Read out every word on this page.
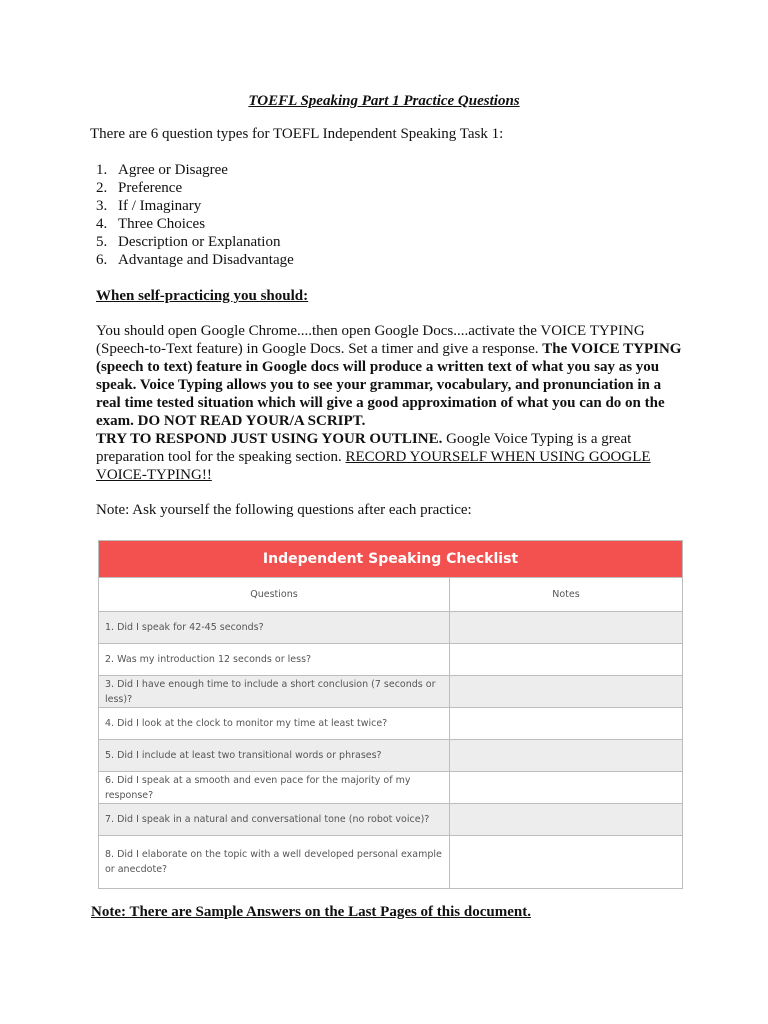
TOEFL Speaking Part 1 Practice Questions
There are 6 question types for TOEFL Independent Speaking Task 1:
1. Agree or Disagree
2. Preference
3. If / Imaginary
4. Three Choices
5. Description or Explanation
6. Advantage and Disadvantage
When self-practicing you should:
You should open Google Chrome....then open Google Docs....activate the VOICE TYPING (Speech-to-Text feature) in Google Docs. Set a timer and give a response. The VOICE TYPING (speech to text) feature in Google docs will produce a written text of what you say as you speak. Voice Typing allows you to see your grammar, vocabulary, and pronunciation in a real time tested situation which will give a good approximation of what you can do on the exam. DO NOT READ YOUR/A SCRIPT.
TRY TO RESPOND JUST USING YOUR OUTLINE. Google Voice Typing is a great preparation tool for the speaking section. RECORD YOURSELF WHEN USING GOOGLE VOICE-TYPING!!
Note: Ask yourself the following questions after each practice:
Independent Speaking Checklist	
Questions	Notes
1. Did I speak for 42-45 seconds?	
2. Was my introduction 12 seconds or less?	
3. Did I have enough time to include a short conclusion (7 seconds or less)?	
4. Did I look at the clock to monitor my time at least twice?	
5. Did I include at least two transitional words or phrases?	
6. Did I speak at a smooth and even pace for the majority of my response?	
7. Did I speak in a natural and conversational tone (no robot voice)?	
8. Did I elaborate on the topic with a well developed personal example or anecdote?	
Note: There are Sample Answers on the Last Pages of this document.
